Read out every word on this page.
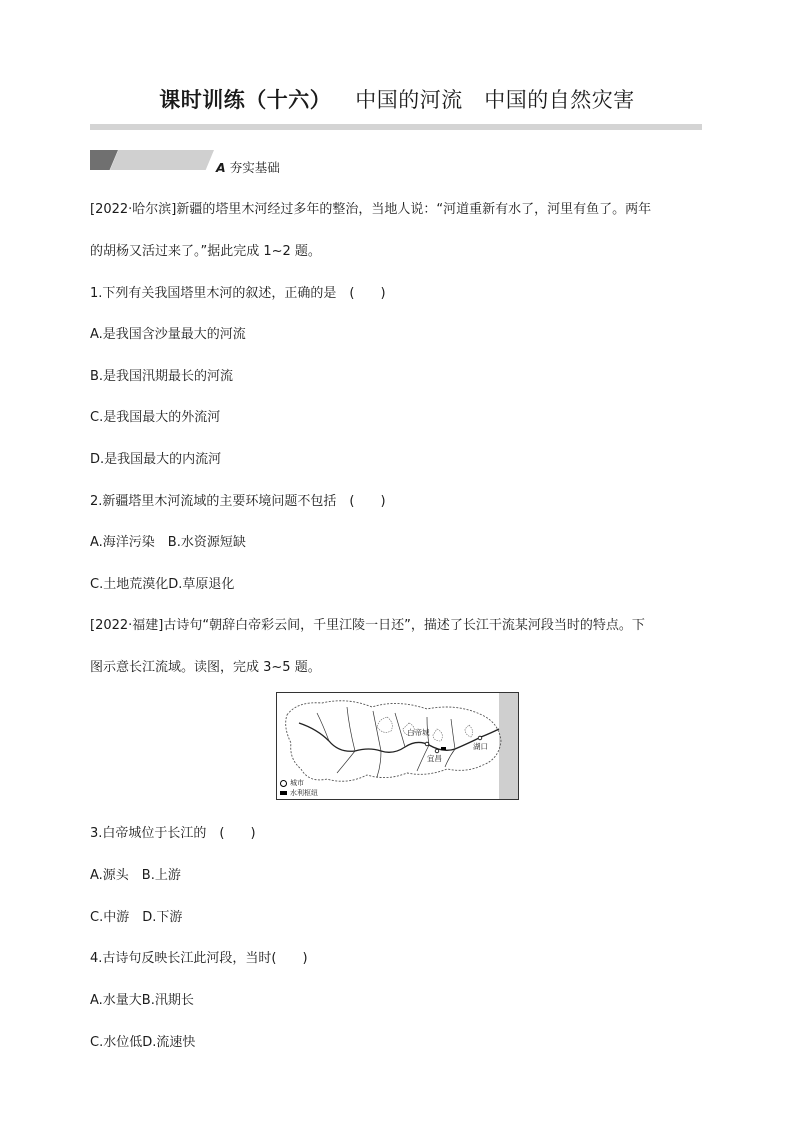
课时训练（十六） 中国的河流　中国的自然灾害
A 夯实基础
[2022·哈尔滨]新疆的塔里木河经过多年的整治，当地人说：“河道重新有水了，河里有鱼了。两年
的胡杨又活过来了。”据此完成 1~2 题。
1.下列有关我国塔里木河的叙述，正确的是　(　　)
A.是我国含沙量最大的河流
B.是我国汛期最长的河流
C.是我国最大的外流河
D.是我国最大的内流河
2.新疆塔里木河流域的主要环境问题不包括　(　　)
A.海洋污染　B.水资源短缺
C.土地荒漠化D.草原退化
[2022·福建]古诗句“朝辞白帝彩云间，千里江陵一日还”，描述了长江干流某河段当时的特点。下
图示意长江流域。读图，完成 3~5 题。
白帝城
宜昌
湖口
城市
水利枢纽
3.白帝城位于长江的　(　　)
A.源头　B.上游
C.中游　D.下游
4.古诗句反映长江此河段，当时(　　)
A.水量大B.汛期长
C.水位低D.流速快
